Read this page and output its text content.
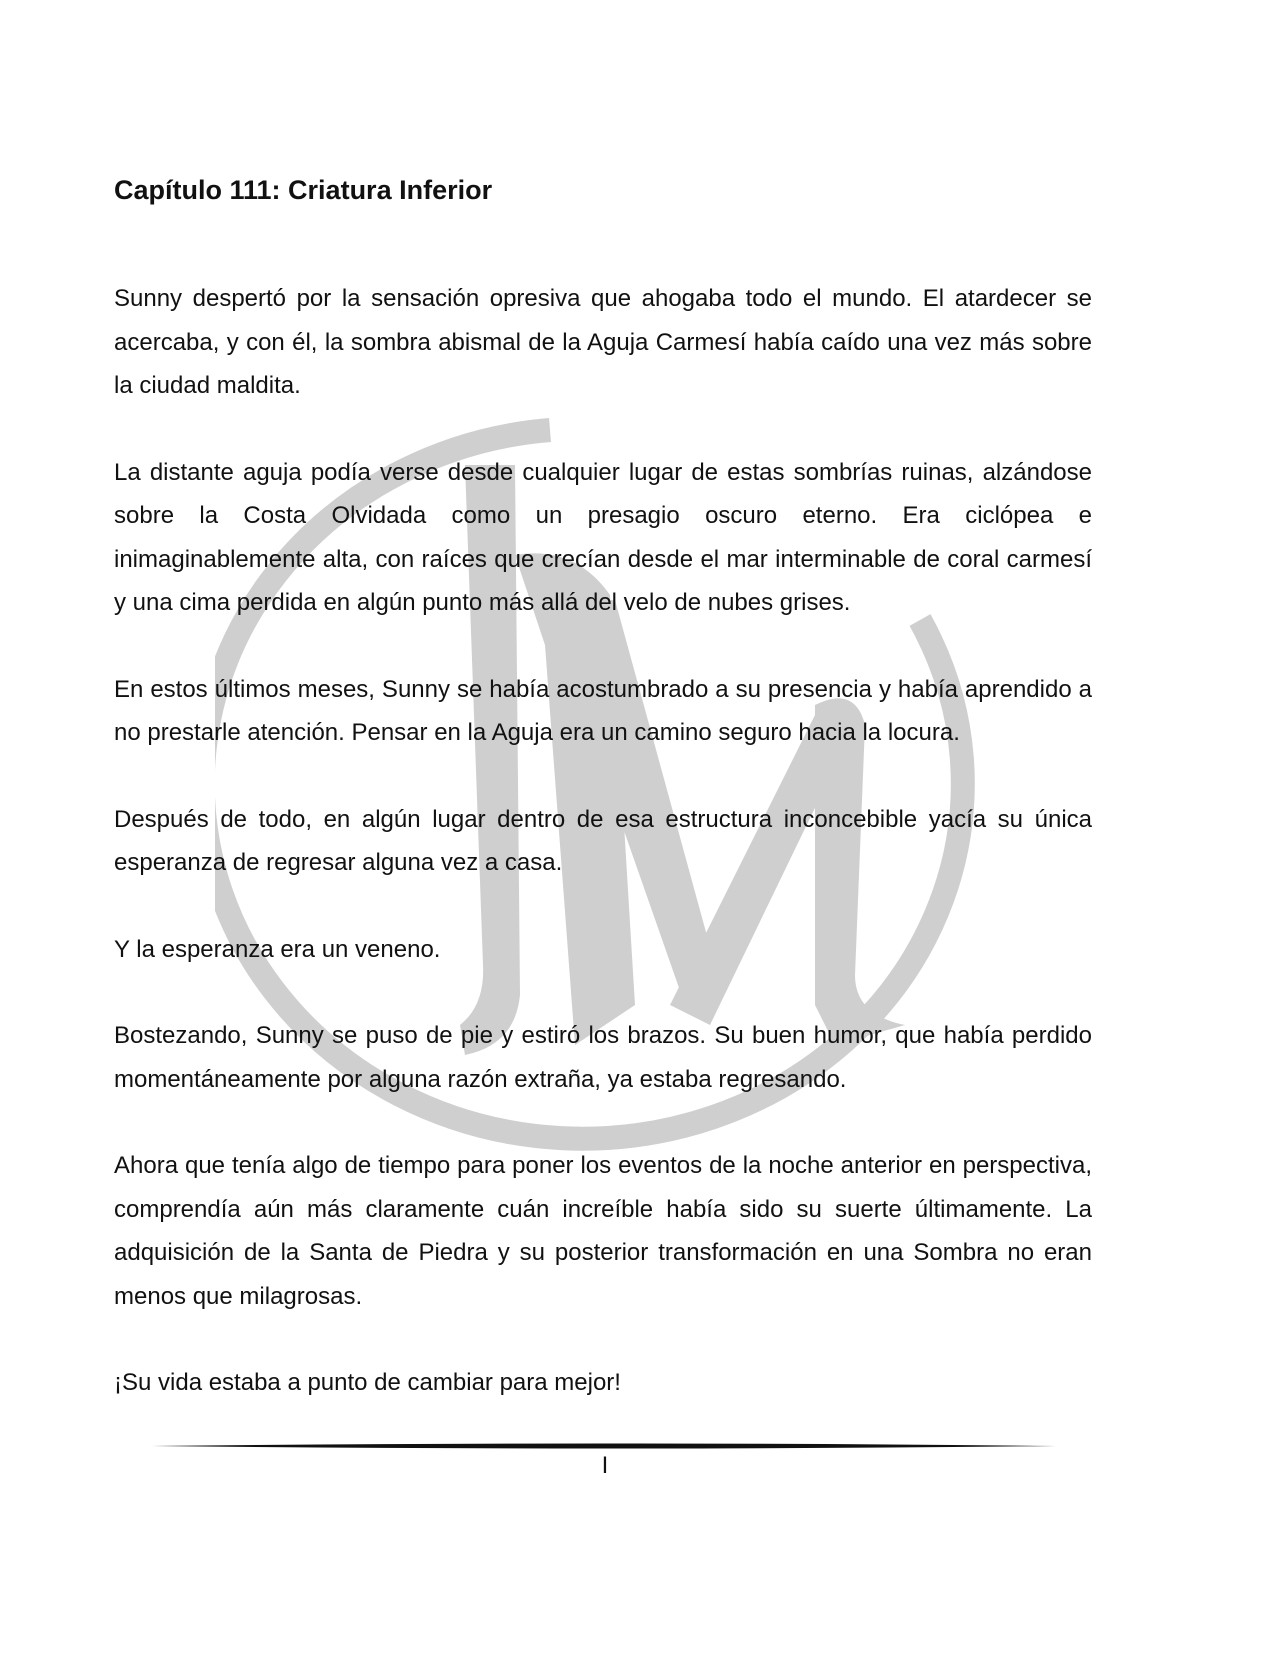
Capítulo 111: Criatura Inferior

Sunny despertó por la sensación opresiva que ahogaba todo el mundo. El atardecer se acercaba, y con él, la sombra abismal de la Aguja Carmesí había caído una vez más sobre la ciudad maldita.

La distante aguja podía verse desde cualquier lugar de estas sombrías ruinas, alzándose sobre la Costa Olvidada como un presagio oscuro eterno. Era ciclópea e inimaginablemente alta, con raíces que crecían desde el mar interminable de coral carmesí y una cima perdida en algún punto más allá del velo de nubes grises.

En estos últimos meses, Sunny se había acostumbrado a su presencia y había aprendido a no prestarle atención. Pensar en la Aguja era un camino seguro hacia la locura.

Después de todo, en algún lugar dentro de esa estructura inconcebible yacía su única esperanza de regresar alguna vez a casa.

Y la esperanza era un veneno.

Bostezando, Sunny se puso de pie y estiró los brazos. Su buen humor, que había perdido momentáneamente por alguna razón extraña, ya estaba regresando.

Ahora que tenía algo de tiempo para poner los eventos de la noche anterior en perspectiva, comprendía aún más claramente cuán increíble había sido su suerte últimamente. La adquisición de la Santa de Piedra y su posterior transformación en una Sombra no eran menos que milagrosas.

¡Su vida estaba a punto de cambiar para mejor!

I
